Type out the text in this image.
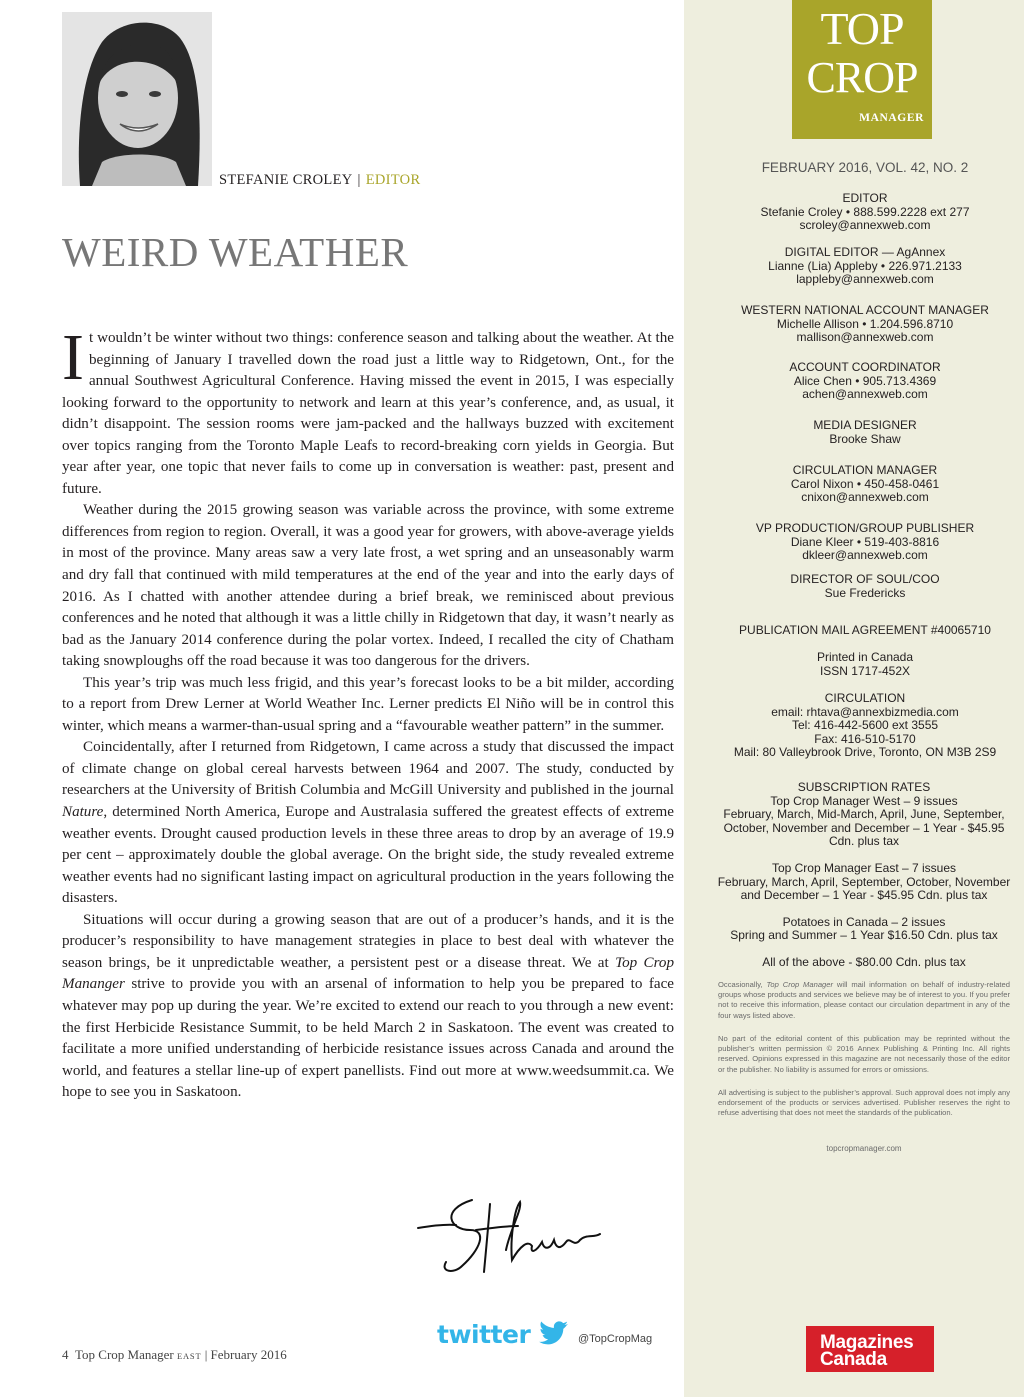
STEFANIE CROLEY | EDITOR
WEIRD WEATHER

It wouldn’t be winter without two things: conference season and talking about the weather. At the beginning of January I travelled down the road just a little way to Ridgetown, Ont., for the annual Southwest Agricultural Conference. Having missed the event in 2015, I was especially looking forward to the opportunity to network and learn at this year’s conference, and, as usual, it didn’t disappoint. The session rooms were jam-packed and the hallways buzzed with excitement over topics ranging from the Toronto Maple Leafs to record-breaking corn yields in Georgia. But year after year, one topic that never fails to come up in conversation is weather: past, present and future.

Weather during the 2015 growing season was variable across the province, with some extreme differences from region to region. Overall, it was a good year for growers, with above-average yields in most of the province. Many areas saw a very late frost, a wet spring and an unseasonably warm and dry fall that continued with mild temperatures at the end of the year and into the early days of 2016. As I chatted with another attendee during a brief break, we reminisced about previous conferences and he noted that although it was a little chilly in Ridgetown that day, it wasn’t nearly as bad as the January 2014 conference during the polar vortex. Indeed, I recalled the city of Chatham taking snowploughs off the road because it was too dangerous for the drivers.

This year’s trip was much less frigid, and this year’s forecast looks to be a bit milder, according to a report from Drew Lerner at World Weather Inc. Lerner predicts El Niño will be in control this winter, which means a warmer-than-usual spring and a “favourable weather pattern” in the summer.

Coincidentally, after I returned from Ridgetown, I came across a study that discussed the impact of climate change on global cereal harvests between 1964 and 2007. The study, conducted by researchers at the University of British Columbia and McGill University and published in the journal Nature, determined North America, Europe and Australasia suffered the greatest effects of extreme weather events. Drought caused production levels in these three areas to drop by an average of 19.9 per cent – approximately double the global average. On the bright side, the study revealed extreme weather events had no significant lasting impact on agricultural production in the years following the disasters.

Situations will occur during a growing season that are out of a producer’s hands, and it is the producer’s responsibility to have management strategies in place to best deal with whatever the season brings, be it unpredictable weather, a persistent pest or a disease threat. We at Top Crop Mananger strive to provide you with an arsenal of information to help you be prepared to face whatever may pop up during the year. We’re excited to extend our reach to you through a new event: the first Herbicide Resistance Summit, to be held March 2 in Saskatoon. The event was created to facilitate a more unified understanding of herbicide resistance issues across Canada and around the world, and features a stellar line-up of expert panellists. Find out more at www.weedsummit.ca. We hope to see you in Saskatoon.

twitter	@TopCropMag
4 Top Crop Manager EAST | February 2016
TOP
CROP
MANAGER
FEBRUARY 2016, VOL. 42, NO. 2
EDITOR
Stefanie Croley • 888.599.2228 ext 277
scroley@annexweb.com
DIGITAL EDITOR — AgAnnex
Lianne (Lia) Appleby • 226.971.2133
lappleby@annexweb.com
WESTERN NATIONAL ACCOUNT MANAGER
Michelle Allison • 1.204.596.8710
mallison@annexweb.com
ACCOUNT COORDINATOR
Alice Chen • 905.713.4369
achen@annexweb.com
MEDIA DESIGNER
Brooke Shaw
CIRCULATION MANAGER
Carol Nixon • 450-458-0461
cnixon@annexweb.com
VP PRODUCTION/GROUP PUBLISHER
Diane Kleer • 519-403-8816
dkleer@annexweb.com
DIRECTOR OF SOUL/COO
Sue Fredericks
PUBLICATION MAIL AGREEMENT #40065710
Printed in Canada
ISSN 1717-452X
CIRCULATION
email: rhtava@annexbizmedia.com
Tel: 416-442-5600 ext 3555
Fax: 416-510-5170
Mail: 80 Valleybrook Drive, Toronto, ON M3B 2S9
SUBSCRIPTION RATES
Top Crop Manager West – 9 issues
February, March, Mid-March, April, June, September, October, November and December – 1 Year - $45.95 Cdn. plus tax
Top Crop Manager East – 7 issues
February, March, April, September, October, November and December – 1 Year - $45.95 Cdn. plus tax
Potatoes in Canada – 2 issues
Spring and Summer – 1 Year $16.50 Cdn. plus tax
All of the above - $80.00 Cdn. plus tax
Occasionally, Top Crop Manager will mail information on behalf of industry-related groups whose products and services we believe may be of interest to you. If you prefer not to receive this information, please contact our circulation department in any of the four ways listed above.
No part of the editorial content of this publication may be reprinted without the publisher’s written permission © 2016 Annex Publishing & Printing Inc. All rights reserved. Opinions expressed in this magazine are not necessarily those of the editor or the publisher. No liability is assumed for errors or omissions.
All advertising is subject to the publisher’s approval. Such approval does not imply any endorsement of the products or services advertised. Publisher reserves the right to refuse advertising that does not meet the standards of the publication.
topcropmanager.com
Magazines
Canada
